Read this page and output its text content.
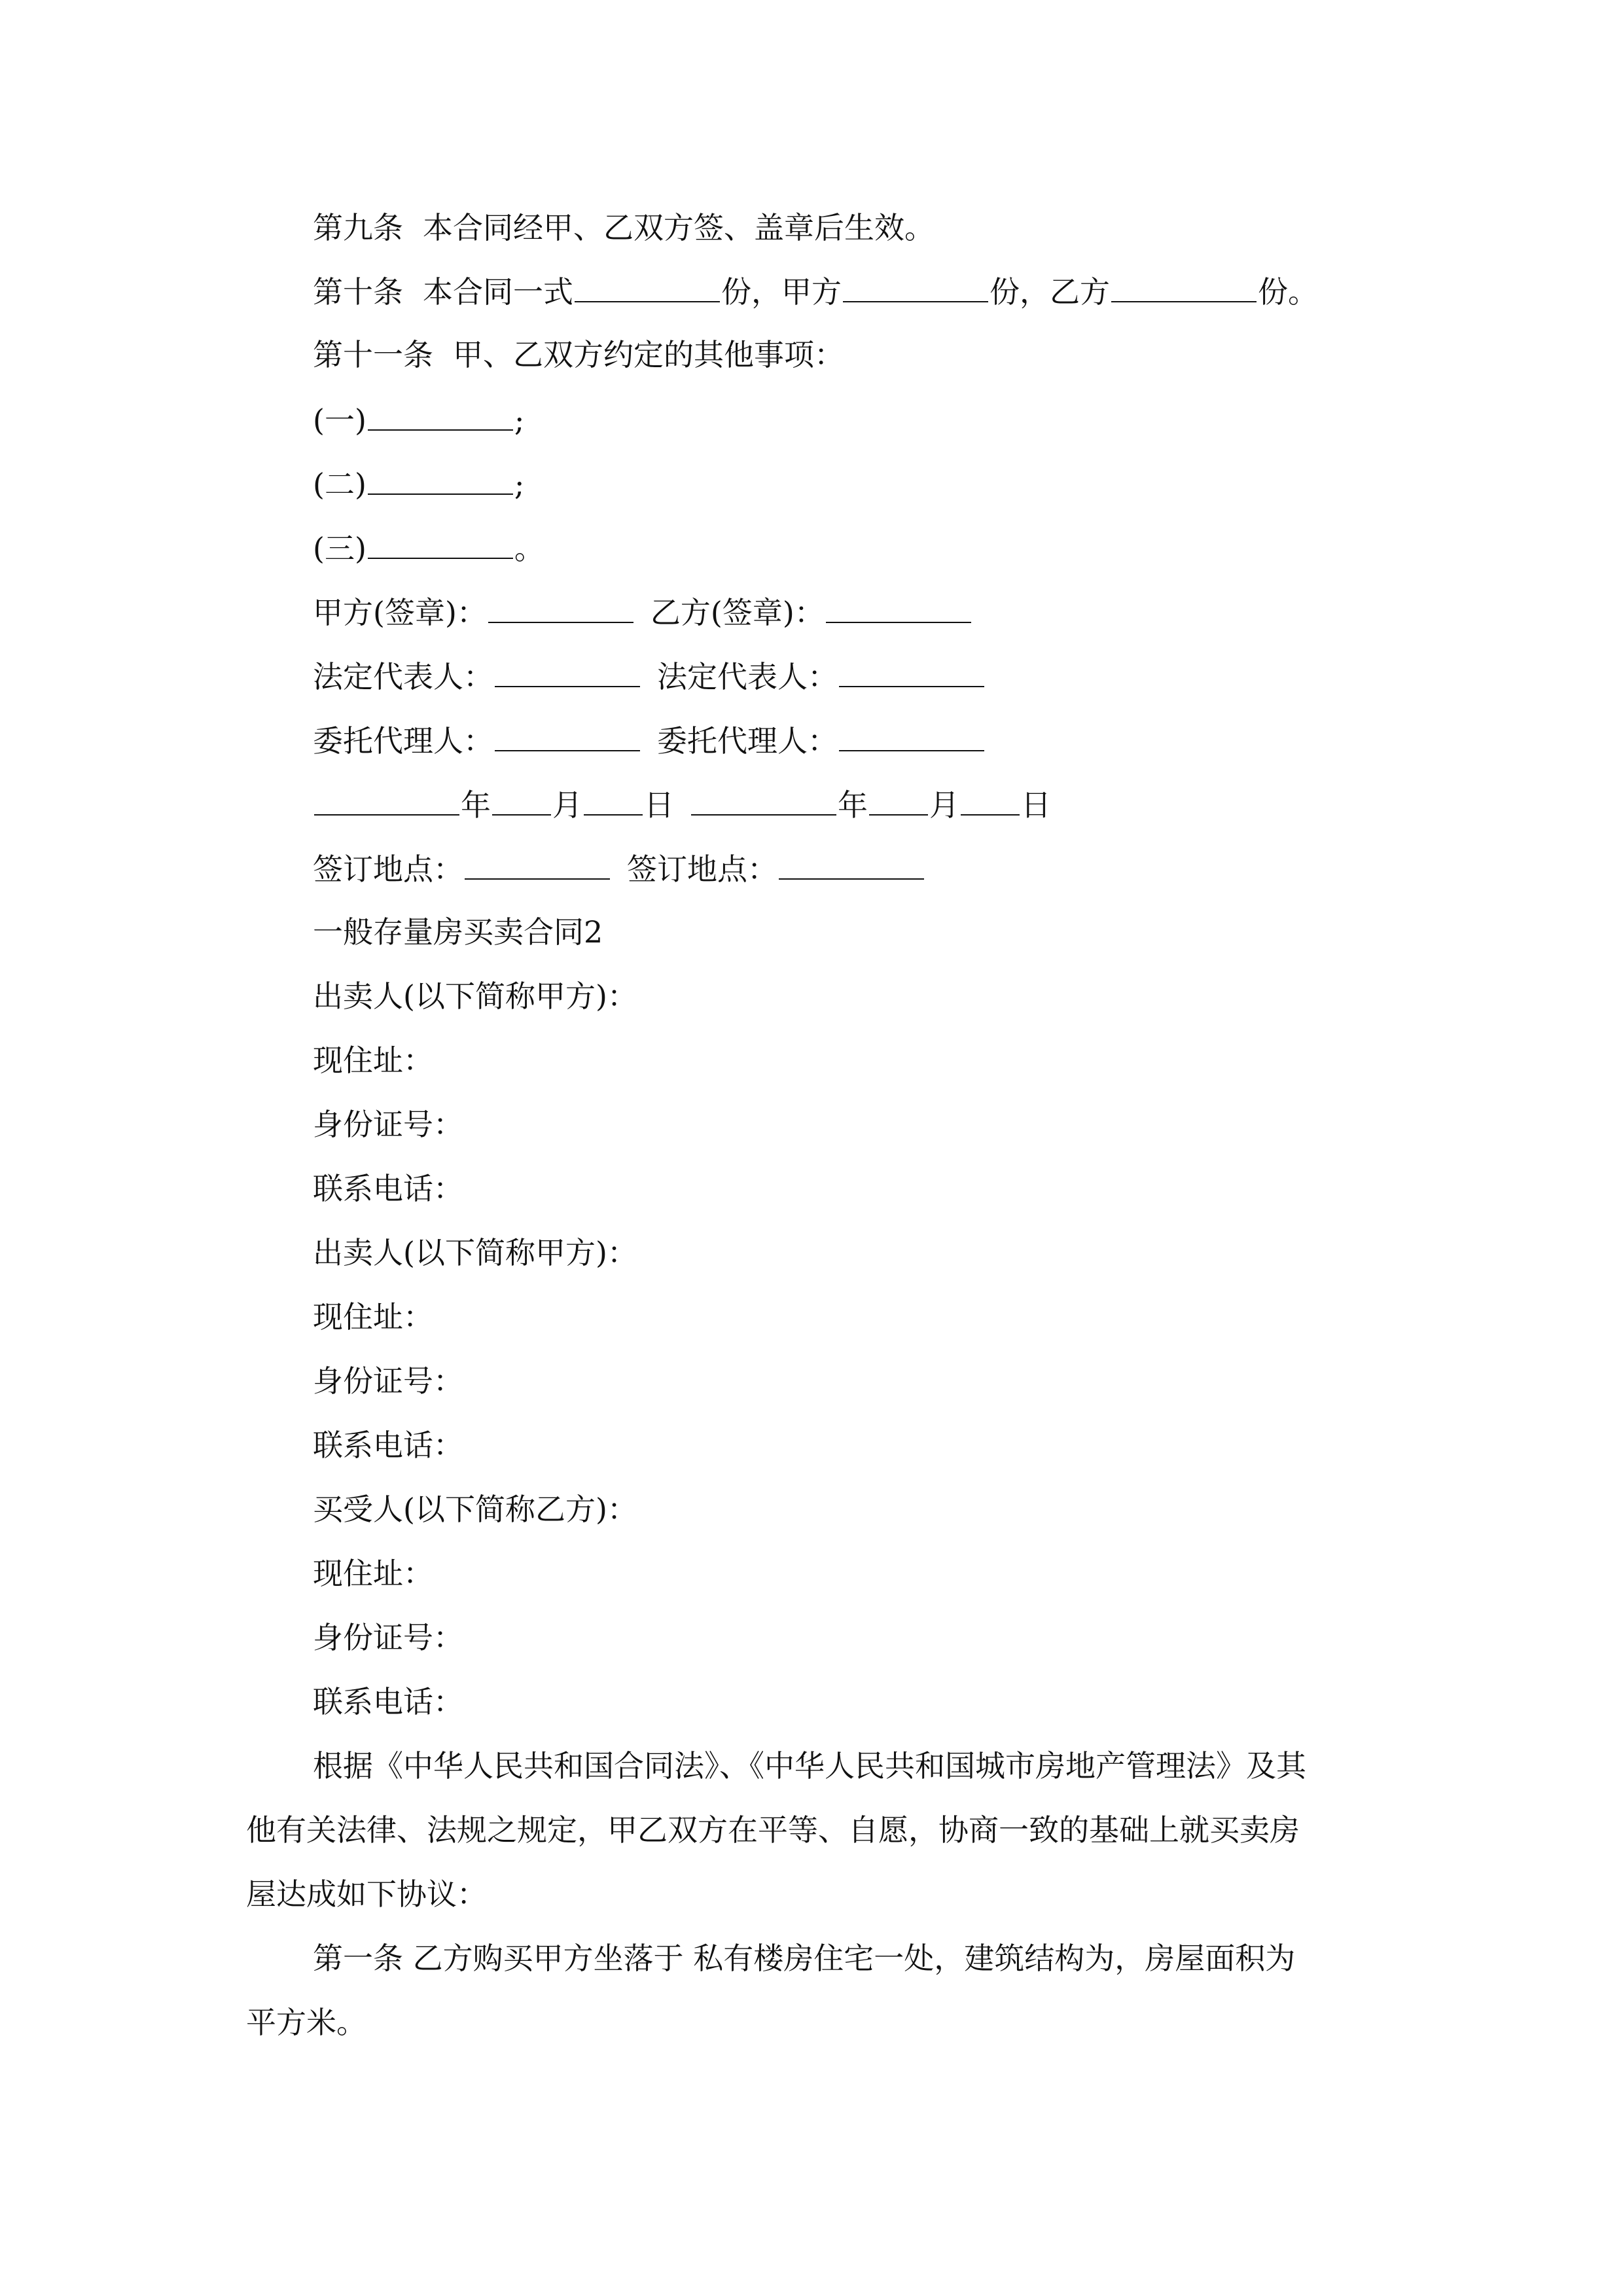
第九条 本合同经甲、乙双方签、盖章后生效。
第十条 本合同一式	份，甲方	份，乙方	份。
第十一条 甲、乙双方约定的其他事项：
(一)	;
(二)	;
(三)	。
甲方(签章)：	乙方(签章)：
法定代表人：	法定代表人：
委托代理人：	委托代理人：
年 月 日	年 月 日
签订地点：	签订地点：
一般存量房买卖合同2
出卖人(以下简称甲方)：
现住址：
身份证号：
联系电话：
出卖人(以下简称甲方)：
现住址：
身份证号：
联系电话：
买受人(以下简称乙方)：
现住址：
身份证号：
联系电话：
根据《中华人民共和国合同法》、《中华人民共和国城市房地产管理法》及其
他有关法律、法规之规定，甲乙双方在平等、自愿，协商一致的基础上就买卖房
屋达成如下协议：
第一条 乙方购买甲方坐落于 私有楼房住宅一处，建筑结构为，房屋面积为
平方米。
